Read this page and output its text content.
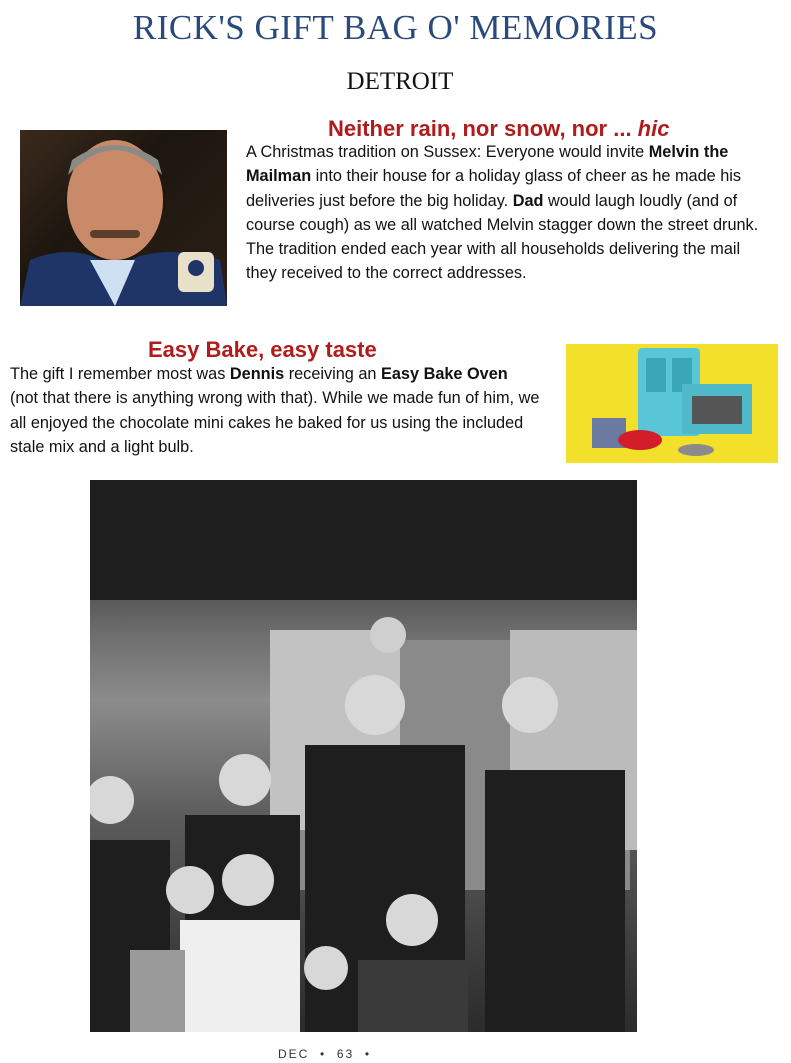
RICK'S GIFT BAG O' MEMORIES
DETROIT
Neither rain, nor snow, nor ... hic
A Christmas tradition on Sussex: Everyone would invite Melvin the Mailman into their house for a holiday glass of cheer as he made his deliveries just before the big holiday. Dad would laugh loudly (and of course cough) as we all watched Melvin stagger down the street drunk. The tradition ended each year with all households delivering the mail they received to the correct addresses.
Easy Bake, easy taste
The gift I remember most was Dennis receiving an Easy Bake Oven (not that there is anything wrong with that). While we made fun of him, we all enjoyed the chocolate mini cakes he baked for us using the included stale mix and a light bulb.
DEC  •  63  •
